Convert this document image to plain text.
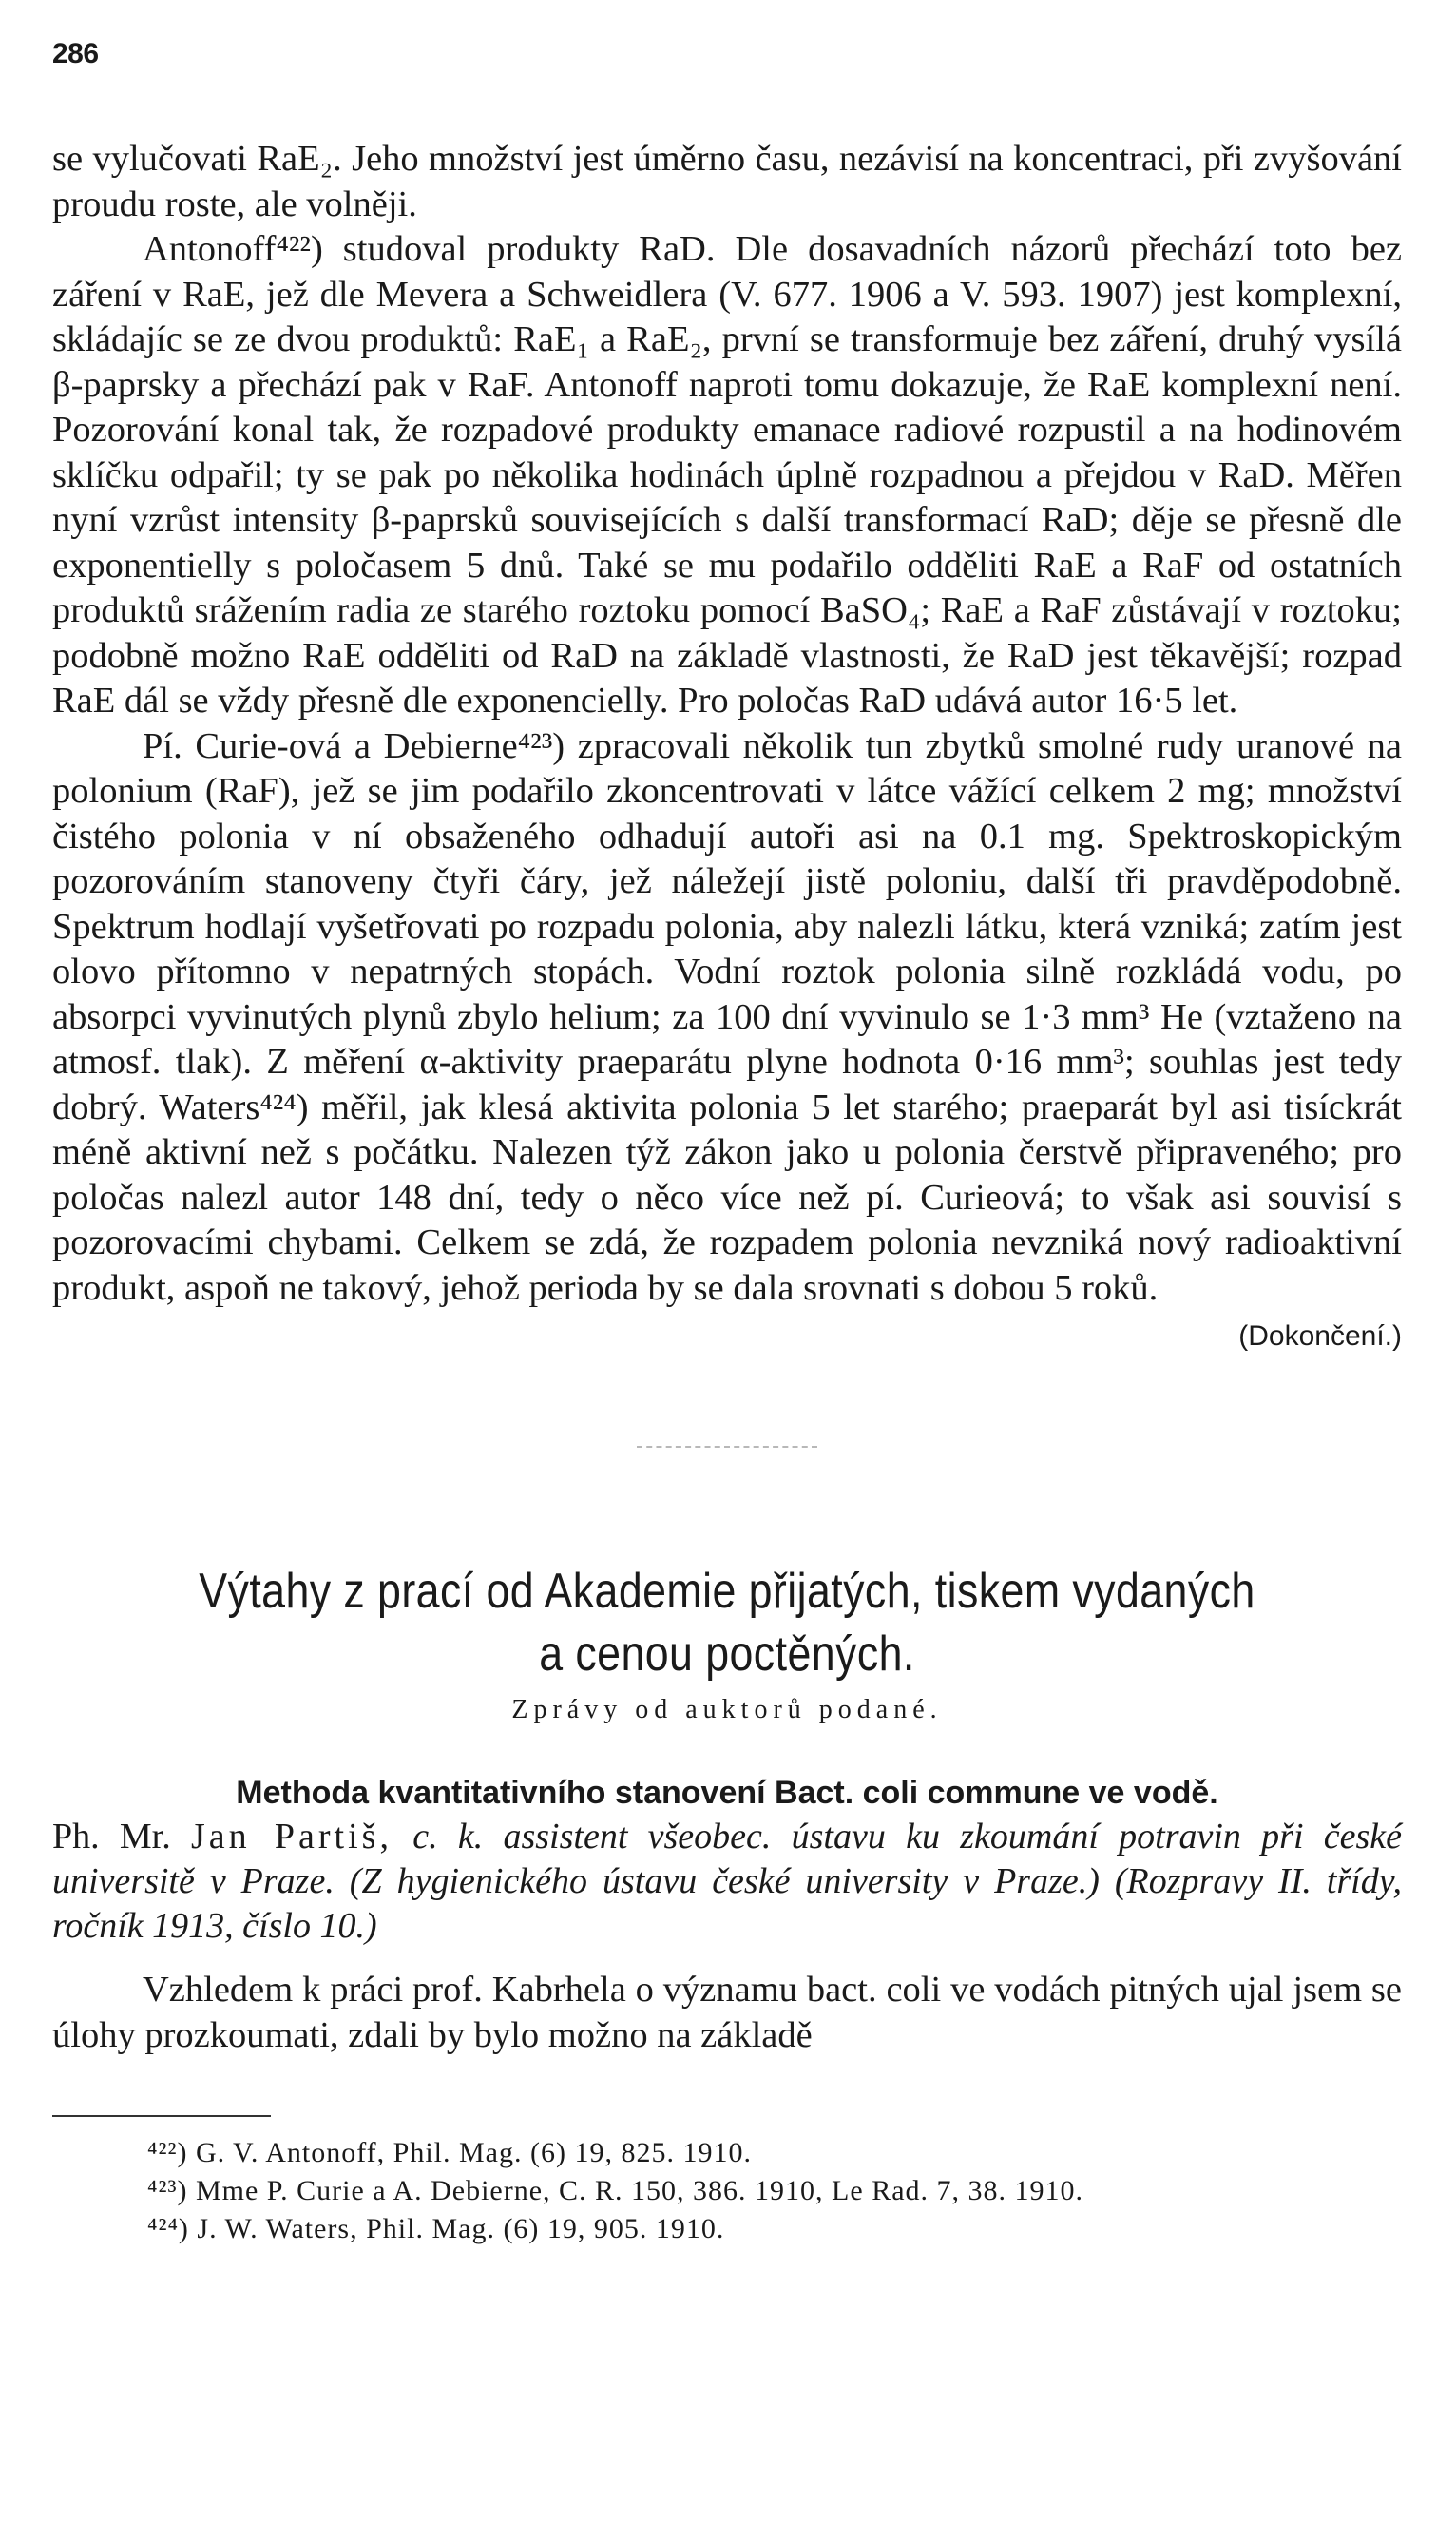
286

se vylučovati RaE₂. Jeho množství jest úměrno času, nezávisí na koncentraci, při zvyšování proudu roste, ale volněji.

Antonoff⁴²²) studoval produkty RaD. Dle dosavadních názorů přechází toto bez záření v RaE, jež dle Mevera a Schweidlera (V. 677. 1906 a V. 593. 1907) jest komplexní, skládajíc se ze dvou produktů: RaE₁ a RaE₂, první se transformuje bez záření, druhý vysílá β-paprsky a přechází pak v RaF. Antonoff naproti tomu dokazuje, že RaE komplexní není. Pozorování konal tak, že rozpadové produkty emanace radiové rozpustil a na hodinovém sklíčku odpařil; ty se pak po několika hodinách úplně rozpadnou a přejdou v RaD. Měřen nyní vzrůst intensity β-paprsků souvisejících s další transformací RaD; děje se přesně dle exponentielly s poločasem 5 dnů. Také se mu podařilo odděliti RaE a RaF od ostatních produktů srážením radia ze starého roztoku pomocí BaSO₄; RaE a RaF zůstávají v roztoku; podobně možno RaE odděliti od RaD na základě vlastnosti, že RaD jest těkavější; rozpad RaE dál se vždy přesně dle exponencielly. Pro poločas RaD udává autor 16·5 let.

Pí. Curie-ová a Debierne⁴²³) zpracovali několik tun zbytků smolné rudy uranové na polonium (RaF), jež se jim podařilo zkoncentrovati v látce vážící celkem 2 mg; množství čistého polonia v ní obsaženého odhadují autoři asi na 0.1 mg. Spektroskopickým pozorováním stanoveny čtyři čáry, jež náležejí jistě poloniu, další tři pravděpodobně. Spektrum hodlají vyšetřovati po rozpadu polonia, aby nalezli látku, která vzniká; zatím jest olovo přítomno v nepatrných stopách. Vodní roztok polonia silně rozkládá vodu, po absorpci vyvinutých plynů zbylo helium; za 100 dní vyvinulo se 1·3 mm³ He (vztaženo na atmosf. tlak). Z měření α-aktivity praeparátu plyne hodnota 0·16 mm³; souhlas jest tedy dobrý. Waters⁴²⁴) měřil, jak klesá aktivita polonia 5 let starého; praeparát byl asi tisíckrát méně aktivní než s počátku. Nalezen týž zákon jako u polonia čerstvě připraveného; pro poločas nalezl autor 148 dní, tedy o něco více než pí. Curieová; to však asi souvisí s pozorovacími chybami. Celkem se zdá, že rozpadem polonia nevzniká nový radioaktivní produkt, aspoň ne takový, jehož perioda by se dala srovnati s dobou 5 roků.

(Dokončení.)

Výtahy z prací od Akademie přijatých, tiskem vydaných

a cenou poctěných.

Zprávy od auktorů podané.

Methoda kvantitativního stanovení Bact. coli commune ve vodě.

Ph. Mr. Jan Partiš, c. k. assistent všeobec. ústavu ku zkoumání potravin při české universitě v Praze. (Z hygienického ústavu české university v Praze.) (Rozpravy II. třídy, ročník 1913, číslo 10.)

Vzhledem k práci prof. Kabrhela o významu bact. coli ve vodách pitných ujal jsem se úlohy prozkoumati, zdali by bylo možno na základě

⁴²²) G. V. Antonoff, Phil. Mag. (6) 19, 825. 1910.

⁴²³) Mme P. Curie a A. Debierne, C. R. 150, 386. 1910, Le Rad. 7, 38. 1910.

⁴²⁴) J. W. Waters, Phil. Mag. (6) 19, 905. 1910.
